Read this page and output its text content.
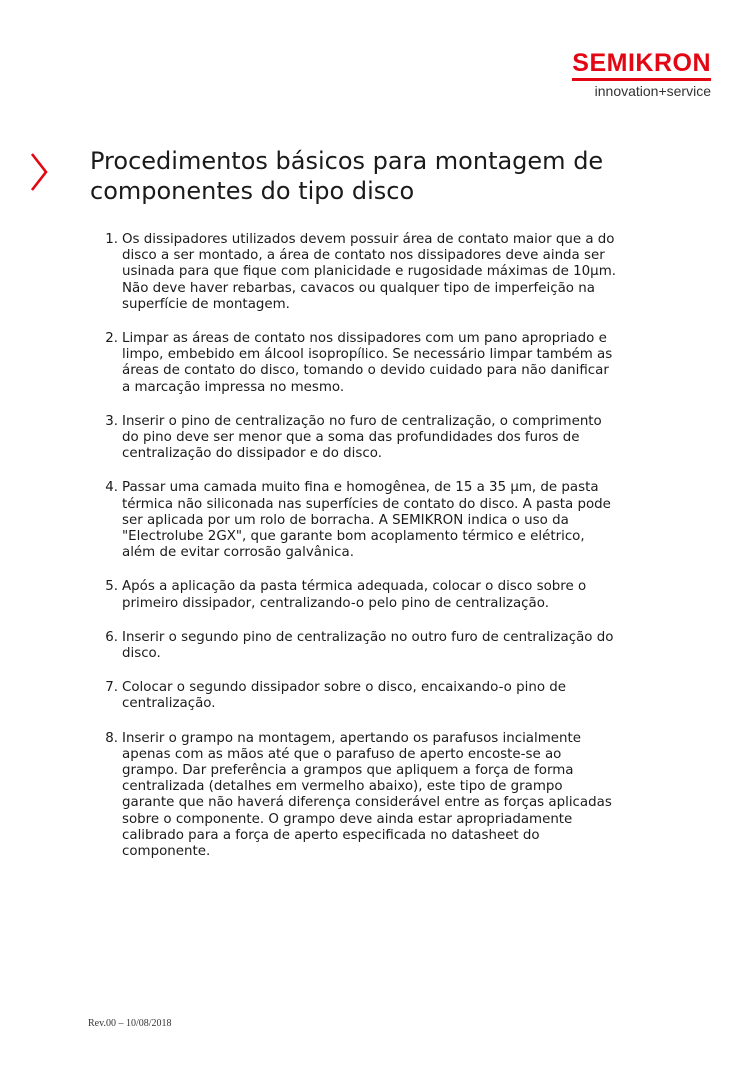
SEMIKRON
innovation+service
Procedimentos básicos para montagem de
componentes do tipo disco
1. Os dissipadores utilizados devem possuir área de contato maior que a do
disco a ser montado, a área de contato nos dissipadores deve ainda ser
usinada para que fique com planicidade e rugosidade máximas de 10µm.
Não deve haver rebarbas, cavacos ou qualquer tipo de imperfeição na
superfície de montagem.
2. Limpar as áreas de contato nos dissipadores com um pano apropriado e
limpo, embebido em álcool isopropílico. Se necessário limpar também as
áreas de contato do disco, tomando o devido cuidado para não danificar
a marcação impressa no mesmo.
3. Inserir o pino de centralização no furo de centralização, o comprimento
do pino deve ser menor que a soma das profundidades dos furos de
centralização do dissipador e do disco.
4. Passar uma camada muito fina e homogênea, de 15 a 35 µm, de pasta
térmica não siliconada nas superfícies de contato do disco. A pasta pode
ser aplicada por um rolo de borracha. A SEMIKRON indica o uso da
"Electrolube 2GX", que garante bom acoplamento térmico e elétrico,
além de evitar corrosão galvânica.
5. Após a aplicação da pasta térmica adequada, colocar o disco sobre o
primeiro dissipador, centralizando-o pelo pino de centralização.
6. Inserir o segundo pino de centralização no outro furo de centralização do
disco.
7. Colocar o segundo dissipador sobre o disco, encaixando-o pino de
centralização.
8. Inserir o grampo na montagem, apertando os parafusos incialmente
apenas com as mãos até que o parafuso de aperto encoste-se ao
grampo. Dar preferência a grampos que apliquem a força de forma
centralizada (detalhes em vermelho abaixo), este tipo de grampo
garante que não haverá diferença considerável entre as forças aplicadas
sobre o componente. O grampo deve ainda estar apropriadamente
calibrado para a força de aperto especificada no datasheet do
componente.
Rev.00 – 10/08/2018
